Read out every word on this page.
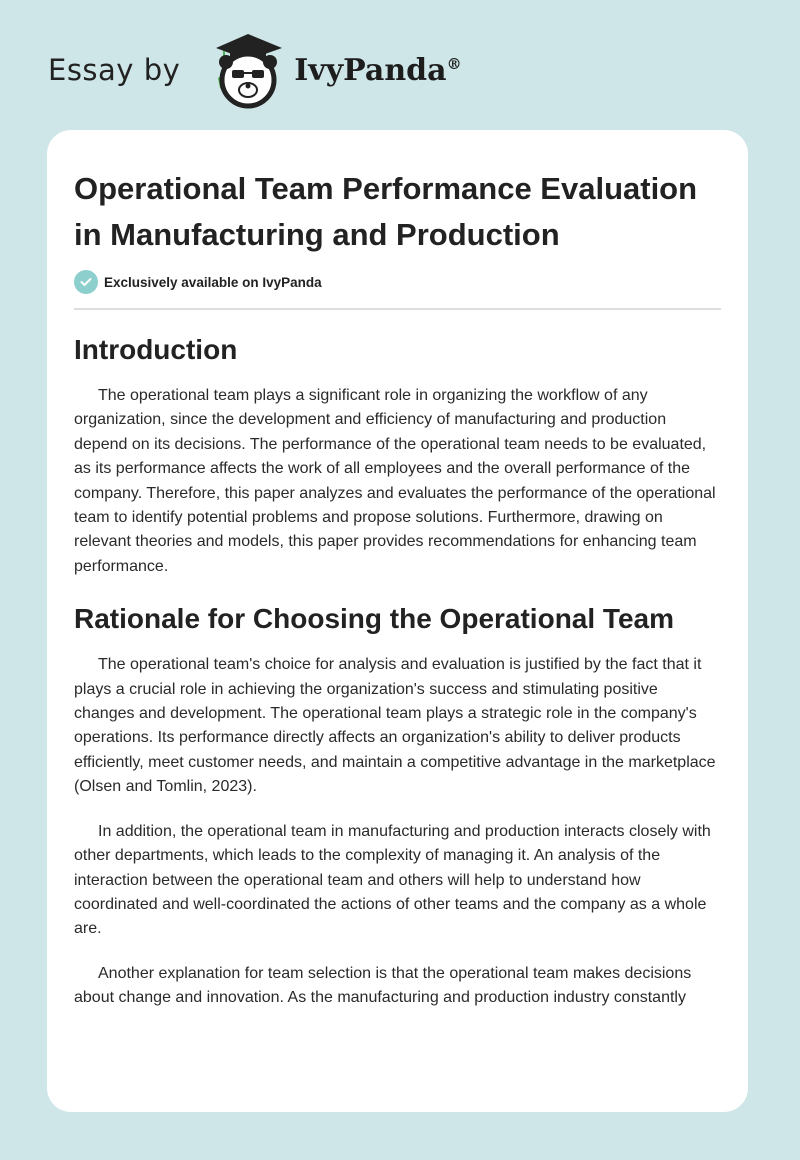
Essay by	IvyPanda®
Operational Team Performance Evaluation in Manufacturing and Production
Exclusively available on IvyPanda
Introduction

The operational team plays a significant role in organizing the workflow of any organization, since the development and efficiency of manufacturing and production depend on its decisions. The performance of the operational team needs to be evaluated, as its performance affects the work of all employees and the overall performance of the company. Therefore, this paper analyzes and evaluates the performance of the operational team to identify potential problems and propose solutions. Furthermore, drawing on relevant theories and models, this paper provides recommendations for enhancing team performance.

Rationale for Choosing the Operational Team

The operational team's choice for analysis and evaluation is justified by the fact that it plays a crucial role in achieving the organization's success and stimulating positive changes and development. The operational team plays a strategic role in the company's operations. Its performance directly affects an organization's ability to deliver products efficiently, meet customer needs, and maintain a competitive advantage in the marketplace (Olsen and Tomlin, 2023).

In addition, the operational team in manufacturing and production interacts closely with other departments, which leads to the complexity of managing it. An analysis of the interaction between the operational team and others will help to understand how coordinated and well-coordinated the actions of other teams and the company as a whole are.

Another explanation for team selection is that the operational team makes decisions about change and innovation. As the manufacturing and production industry constantly
